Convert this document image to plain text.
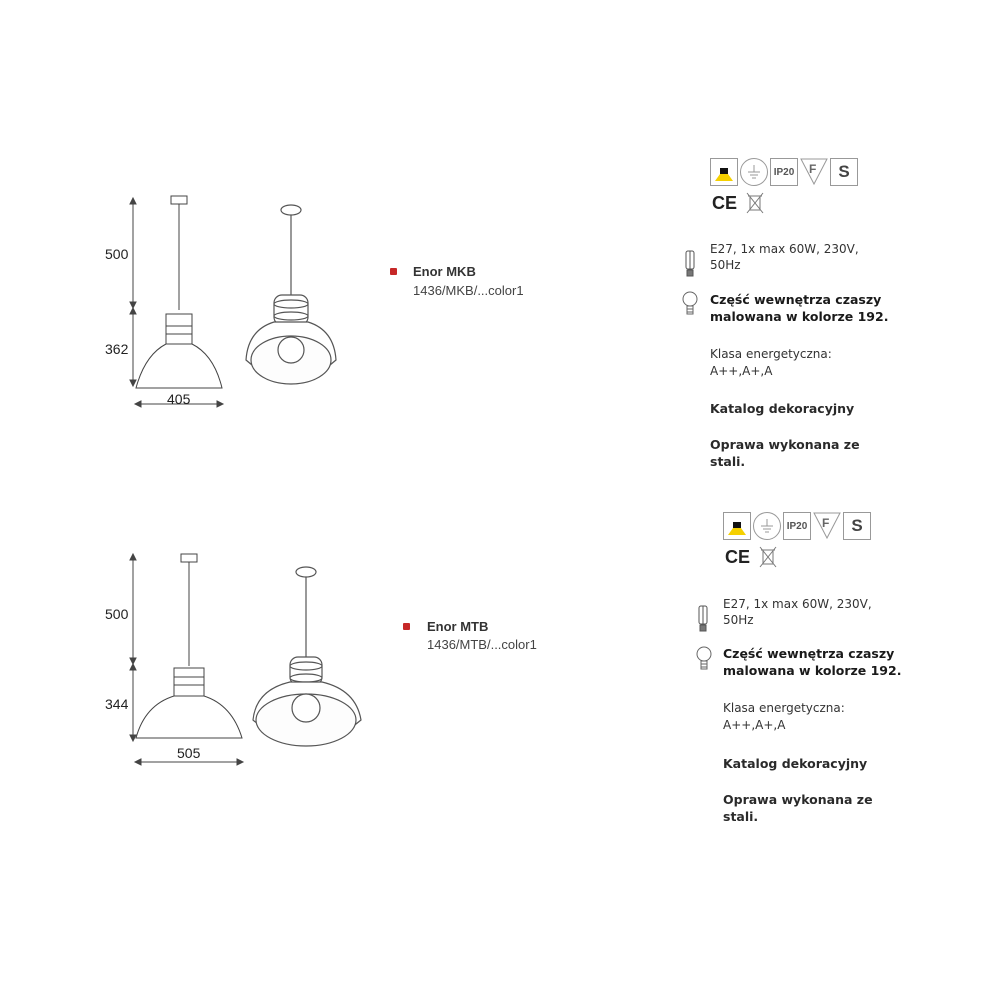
500
362
405
Enor MKB
1436/MKB/...color1
IP20	F	S
CE
E27, 1x max 60W, 230V, 50Hz
Część wewnętrza czaszy malowana w kolorze 192.
Klasa energetyczna:
A++,A+,A
Katalog dekoracyjny
Oprawa wykonana ze stali.
500
344
505
Enor MTB
1436/MTB/...color1
IP20	F	S
CE
E27, 1x max 60W, 230V, 50Hz
Część wewnętrza czaszy malowana w kolorze 192.
Klasa energetyczna:
A++,A+,A
Katalog dekoracyjny
Oprawa wykonana ze stali.
